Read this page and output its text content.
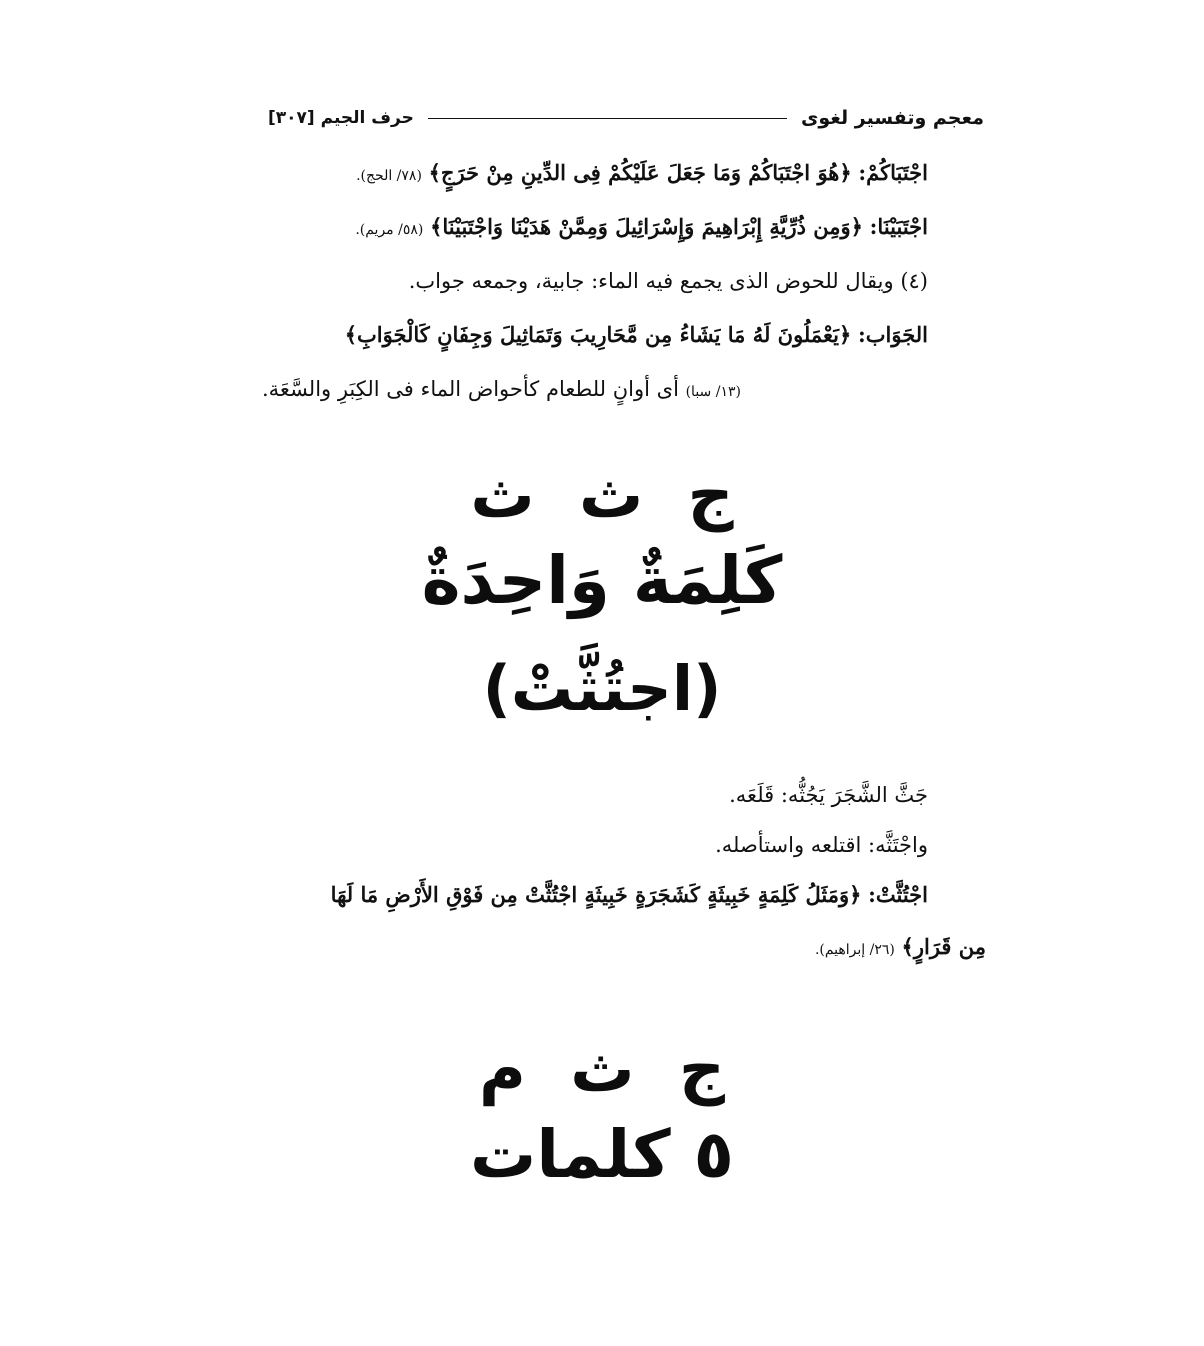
معجم وتفسير لغوى
حرف الجيم [٣٠٧]
اجْتَبَاكُمْ: ﴿هُوَ اجْتَبَاكُمْ وَمَا جَعَلَ عَلَيْكُمْ فِى الدِّينِ مِنْ حَرَجٍ﴾ (٧٨/ الحج).
اجْتَبَيْنَا: ﴿وَمِن ذُرِّيَّةِ إِبْرَاهِيمَ وَإِسْرَائِيلَ وَمِمَّنْ هَدَيْنَا وَاجْتَبَيْنَا﴾ (٥٨/ مريم).
(٤) ويقال للحوض الذى يجمع فيه الماء: جابية، وجمعه جواب.
الجَوَاب: ﴿يَعْمَلُونَ لَهُ مَا يَشَاءُ مِن مَّحَارِيبَ وَتَمَاثِيلَ وَجِفَانٍ كَالْجَوَابِ﴾
(١٣/ سبا) أى أوانٍ للطعام كأحواض الماء فى الكِبَرِ والسَّعَة.
ج ث ث
كَلِمَةٌ وَاحِدَةٌ
(اجتُثَّتْ)
جَثَّ الشَّجَرَ يَجُثُّه: قَلَعَه.
واجْتَثَّه: اقتلعه واستأصله.
اجْتُثَّتْ: ﴿وَمَثَلُ كَلِمَةٍ خَبِيثَةٍ كَشَجَرَةٍ خَبِيثَةٍ اجْتُثَّتْ مِن فَوْقِ الأَرْضِ مَا لَهَا
مِن قَرَارٍ﴾ (٢٦/ إبراهيم).
ج ث م
٥ كلمات
